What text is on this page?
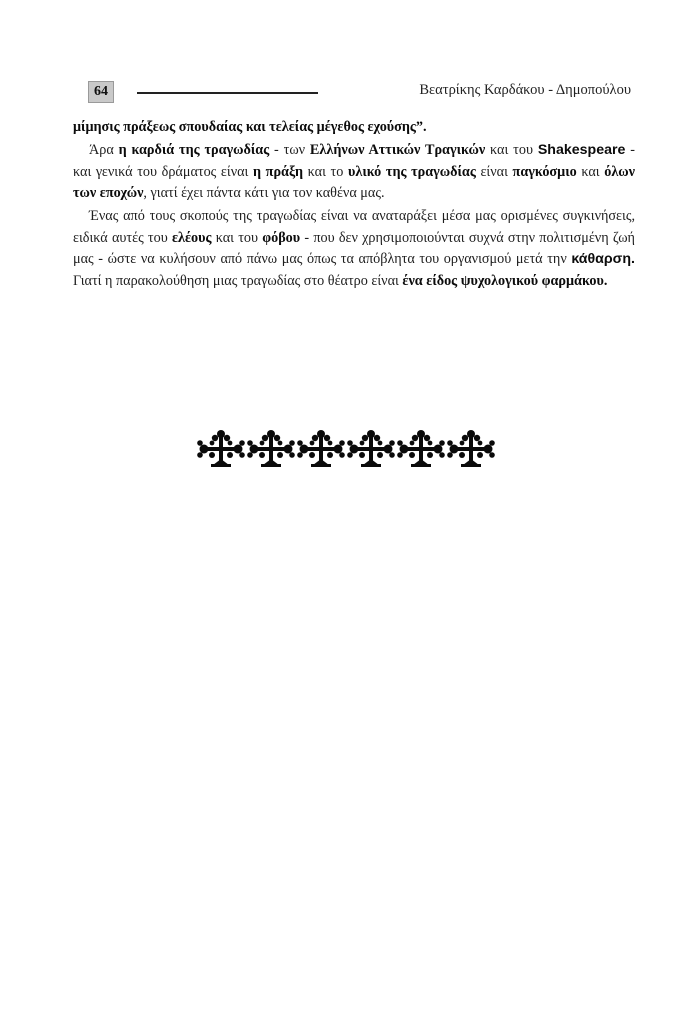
64	Βεατρίκης Καρδάκου - Δημοπούλου

μίμησις πράξεως σπουδαίας και τελείας μέγεθος εχούσης”.

Άρα η καρδιά της τραγωδίας - των Ελλήνων Αττικών Τραγικών και του Shakespeare - και γενικά του δράματος είναι η πράξη και το υλικό της τραγωδίας είναι παγκόσμιο και όλων των εποχών, γιατί έχει πάντα κάτι για τον καθένα μας.

Ένας από τους σκοπούς της τραγωδίας είναι να αναταράξει μέσα μας ορισμένες συγκινήσεις, ειδικά αυτές του ελέους και του φόβου - που δεν χρησιμοποιούνται συχνά στην πολιτισμένη ζωή μας - ώστε να κυλήσουν από πάνω μας όπως τα απόβλητα του οργανισμού μετά την κάθαρση. Γιατί η παρακολούθηση μιας τραγωδίας στο θέατρο είναι ένα είδος ψυχολογικού φαρμάκου.
